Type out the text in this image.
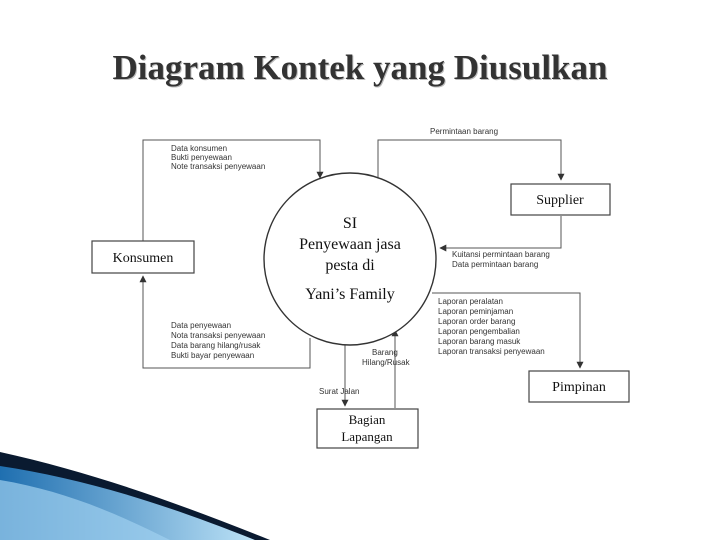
Diagram Kontek yang Diusulkan
SI
Penyewaan jasa
pesta di
Yani’s Family
Konsumen
Supplier
Pimpinan
Bagian
Lapangan
Data konsumen
Bukti penyewaan
Note transaksi penyewaan
Permintaan barang
Kuitansi permintaan barang
Data permintaan barang
Laporan peralatan
Laporan peminjaman
Laporan order barang
Laporan pengembalian
Laporan barang masuk
Laporan transaksi penyewaan
Data penyewaan
Nota transaksi penyewaan
Data barang hilang/rusak
Bukti bayar penyewaan	Barang
Hilang/Rusak
Surat Jalan
